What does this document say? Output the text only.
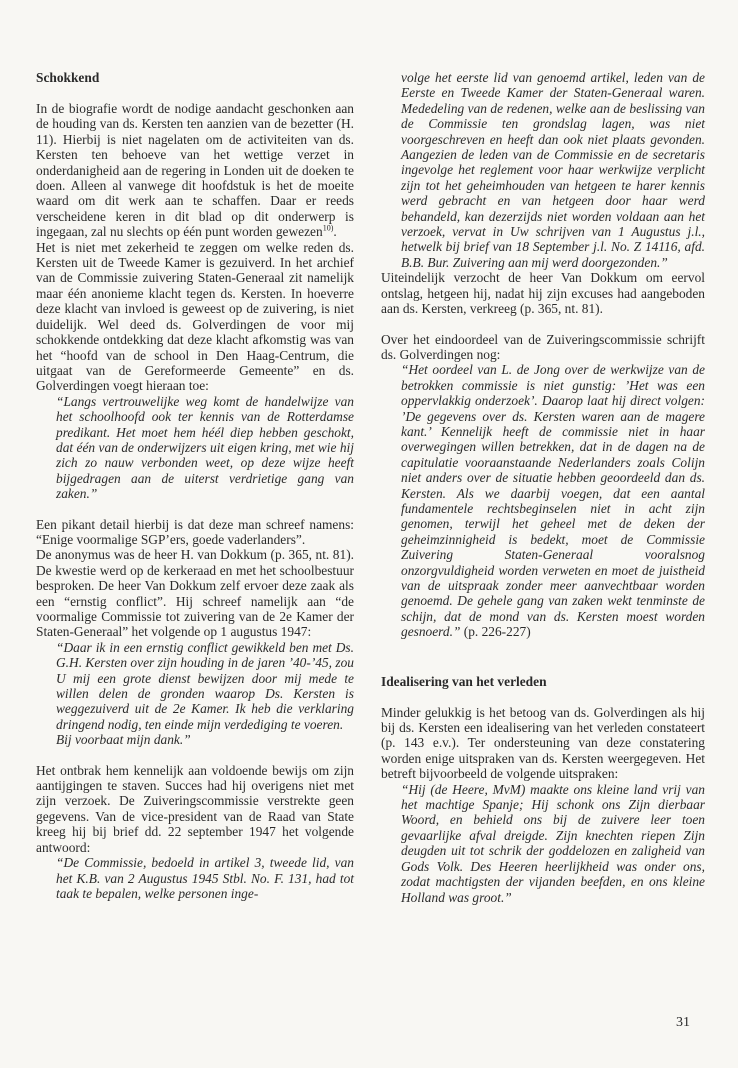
Schokkend

In de biografie wordt de nodige aandacht geschonken aan de houding van ds. Kersten ten aanzien van de bezetter (H. 11). Hierbij is niet nagelaten om de activiteiten van ds. Kersten ten behoeve van het wettige verzet in onderdanigheid aan de regering in Londen uit de doeken te doen. Alleen al vanwege dit hoofdstuk is het de moeite waard om dit werk aan te schaffen. Daar er reeds verscheidene keren in dit blad op dit onderwerp is ingegaan, zal nu slechts op één punt worden gewezen$^{10)}$.

Het is niet met zekerheid te zeggen om welke reden ds. Kersten uit de Tweede Kamer is gezuiverd. In het archief van de Commissie zuivering Staten-Generaal zit namelijk maar één anonieme klacht tegen ds. Kersten. In hoeverre deze klacht van invloed is geweest op de zuivering, is niet duidelijk. Wel deed ds. Golverdingen de voor mij schokkende ontdekking dat deze klacht afkomstig was van het “hoofd van de school in Den Haag-Centrum, die uitgaat van de Gereformeerde Gemeente” en ds. Golverdingen voegt hieraan toe:

“Langs vertrouwelijke weg komt de handelwijze van het schoolhoofd ook ter kennis van de Rotterdamse predikant. Het moet hem héél diep hebben geschokt, dat één van de onderwijzers uit eigen kring, met wie hij zich zo nauw verbonden weet, op deze wijze heeft bijgedragen aan de uiterst verdrietige gang van zaken.”

Een pikant detail hierbij is dat deze man schreef namens: “Enige voormalige SGP’ers, goede vaderlanders”.

De anonymus was de heer H. van Dokkum (p. 365, nt. 81). De kwestie werd op de kerkeraad en met het schoolbestuur besproken. De heer Van Dokkum zelf ervoer deze zaak als een “ernstig conflict”. Hij schreef namelijk aan “de voormalige Commissie tot zuivering van de 2e Kamer der Staten-Generaal” het volgende op 1 augustus 1947:

“Daar ik in een ernstig conflict gewikkeld ben met Ds. G.H. Kersten over zijn houding in de jaren ’40-’45, zou U mij een grote dienst bewijzen door mij mede te willen delen de gronden waarop Ds. Kersten is weggezuiverd uit de 2e Kamer. Ik heb die verklaring dringend nodig, ten einde mijn verdediging te voeren.

Bij voorbaat mijn dank.”

Het ontbrak hem kennelijk aan voldoende bewijs om zijn aantijgingen te staven. Succes had hij overigens niet met zijn verzoek. De Zuiveringscommissie verstrekte geen gegevens. Van de vice-president van de Raad van State kreeg hij bij brief dd. 22 september 1947 het volgende antwoord:

“De Commissie, bedoeld in artikel 3, tweede lid, van het K.B. van 2 Augustus 1945 Stbl. No. F. 131, had tot taak te bepalen, welke personen inge-

volge het eerste lid van genoemd artikel, leden van de Eerste en Tweede Kamer der Staten-Generaal waren. Mededeling van de redenen, welke aan de beslissing van de Commissie ten grondslag lagen, was niet voorgeschreven en heeft dan ook niet plaats gevonden. Aangezien de leden van de Commissie en de secretaris ingevolge het reglement voor haar werkwijze verplicht zijn tot het geheimhouden van hetgeen te harer kennis werd gebracht en van hetgeen door haar werd behandeld, kan dezerzijds niet worden voldaan aan het verzoek, vervat in Uw schrijven van 1 Augustus j.l., hetwelk bij brief van 18 September j.l. No. Z 14116, afd. B.B. Bur. Zuivering aan mij werd doorgezonden.”

Uiteindelijk verzocht de heer Van Dokkum om eervol ontslag, hetgeen hij, nadat hij zijn excuses had aangeboden aan ds. Kersten, verkreeg (p. 365, nt. 81).

Over het eindoordeel van de Zuiveringscommissie schrijft ds. Golverdingen nog:

“Het oordeel van L. de Jong over de werkwijze van de betrokken commissie is niet gunstig: ’Het was een oppervlakkig onderzoek’. Daarop laat hij direct volgen: ’De gegevens over ds. Kersten waren aan de magere kant.’ Kennelijk heeft de commissie niet in haar overwegingen willen betrekken, dat in de dagen na de capitulatie vooraanstaande Nederlanders zoals Colijn niet anders over de situatie hebben geoordeeld dan ds. Kersten. Als we daarbij voegen, dat een aantal fundamentele rechtsbeginselen niet in acht zijn genomen, terwijl het geheel met de deken der geheimzinnigheid is bedekt, moet de Commissie Zuivering Staten-Generaal vooralsnog onzorgvuldigheid worden verweten en moet de juistheid van de uitspraak zonder meer aanvechtbaar worden genoemd. De gehele gang van zaken wekt tenminste de schijn, dat de mond van ds. Kersten moest worden gesnoerd.” (p. 226-227)

Idealisering van het verleden

Minder gelukkig is het betoog van ds. Golverdingen als hij bij ds. Kersten een idealisering van het verleden constateert (p. 143 e.v.). Ter ondersteuning van deze constatering worden enige uitspraken van ds. Kersten weergegeven. Het betreft bijvoorbeeld de volgende uitspraken:

“Hij (de Heere, MvM) maakte ons kleine land vrij van het machtige Spanje; Hij schonk ons Zijn dierbaar Woord, en behield ons bij de zuivere leer toen gevaarlijke afval dreigde. Zijn knechten riepen Zijn deugden uit tot schrik der goddelozen en zaligheid van Gods Volk. Des Heeren heerlijkheid was onder ons, zodat machtigsten der vijanden beefden, en ons kleine Holland was groot.”

31
